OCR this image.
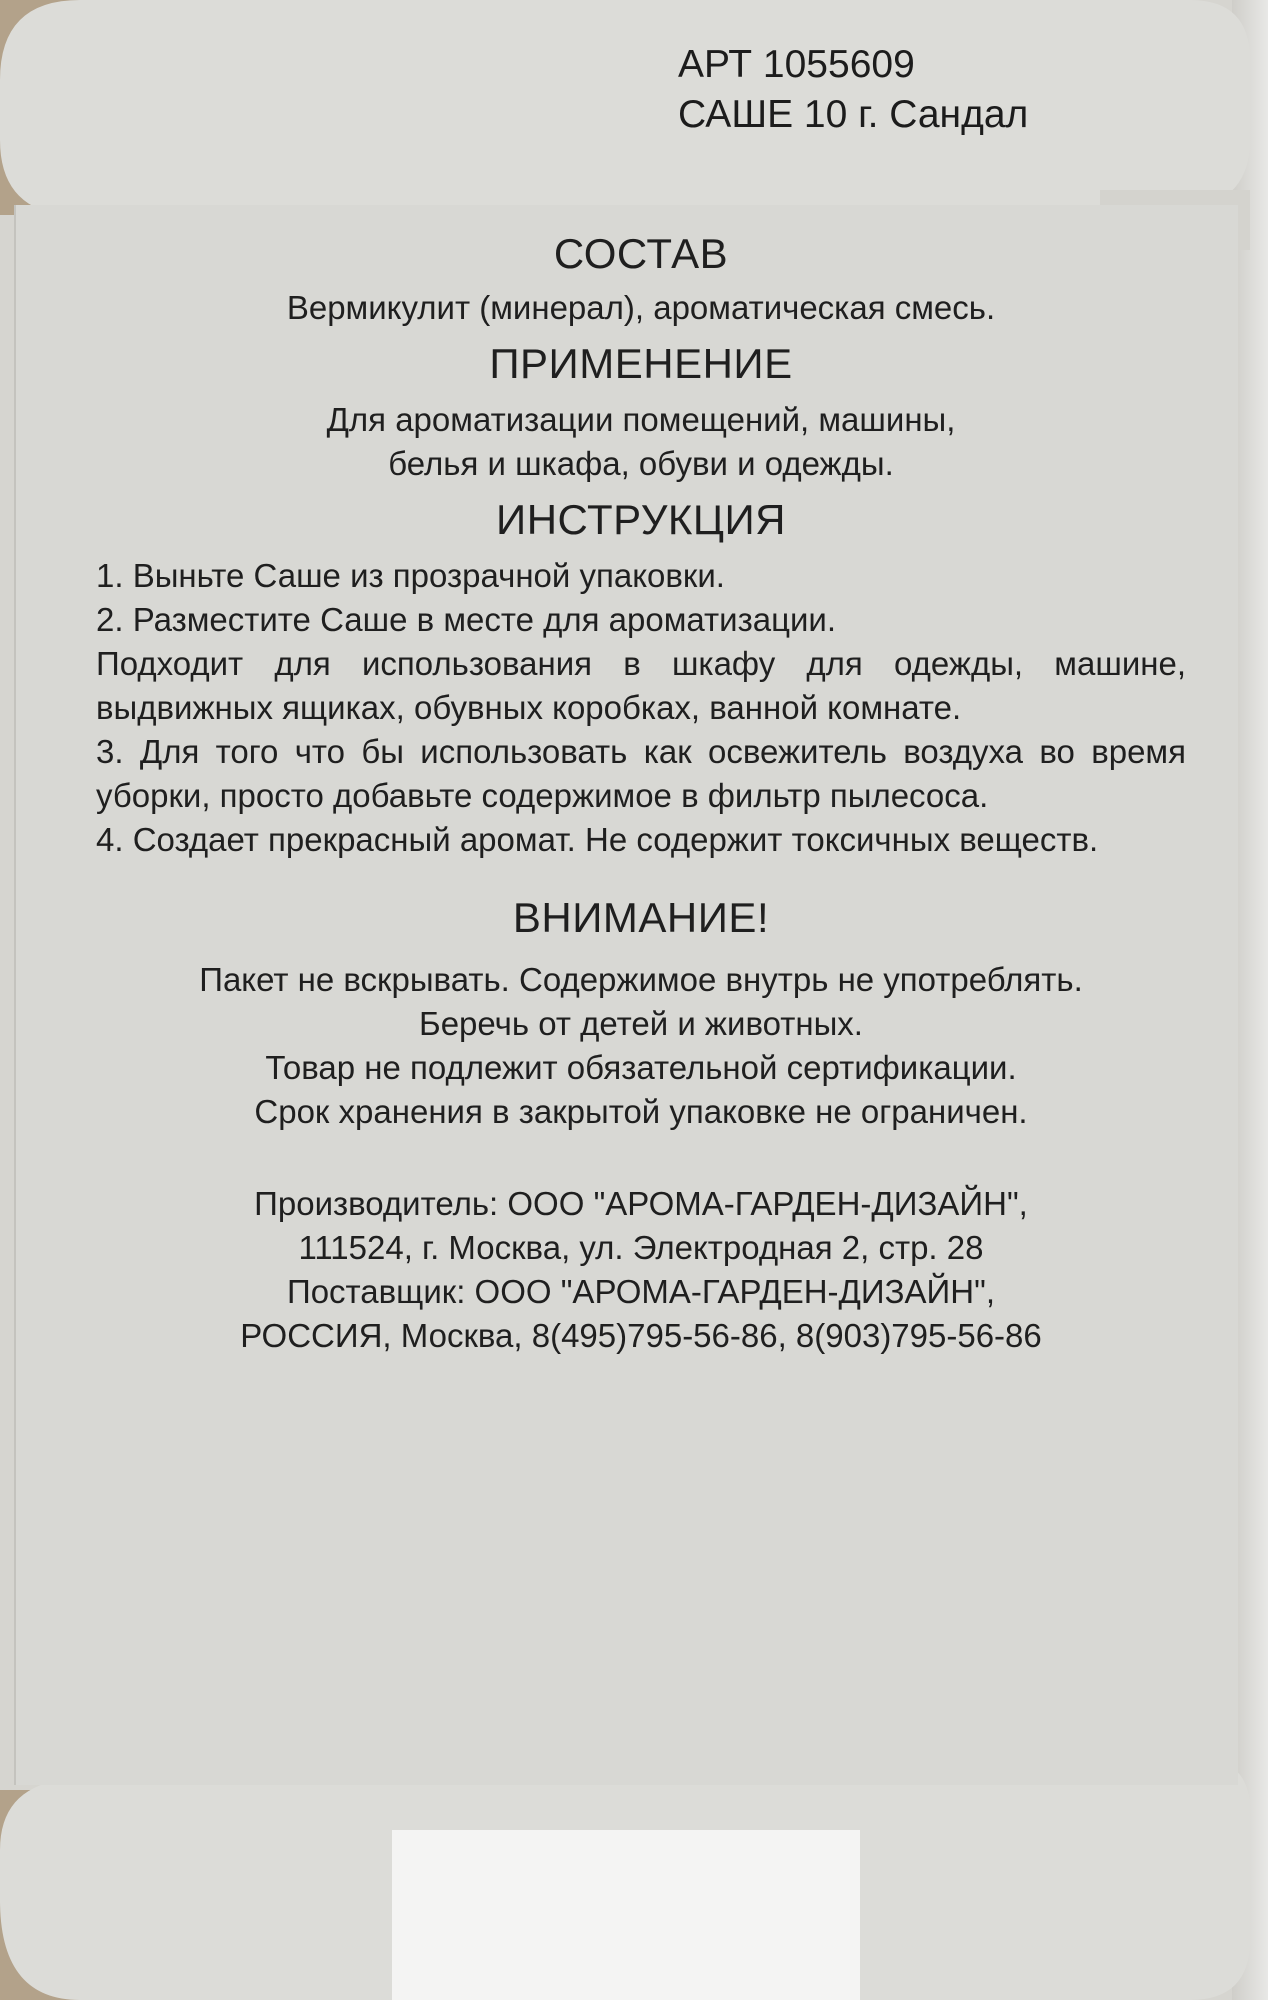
АРТ 1055609
САШЕ 10 г. Сандал
СОСТАВ
Вермикулит (минерал), ароматическая смесь.
ПРИМЕНЕНИЕ
Для ароматизации помещений, машины,
белья и шкафа, обуви и одежды.
ИНСТРУКЦИЯ
1. Выньте Саше из прозрачной упаковки.
2. Разместите Саше в месте для ароматизации.
Подходит для использования в шкафу для одежды, машине, выдвижных ящиках, обувных коробках, ванной комнате.
3. Для того что бы использовать как освежитель воздуха во время уборки, просто добавьте содержимое в фильтр пылесоса.
4. Создает прекрасный аромат. Не содержит токсичных веществ.
ВНИМАНИЕ!
Пакет не вскрывать. Содержимое внутрь не употреблять.
Беречь от детей и животных.
Товар не подлежит обязательной сертификации.
Срок хранения в закрытой упаковке не ограничен.
Производитель: ООО "АРОМА-ГАРДЕН-ДИЗАЙН",
111524, г. Москва, ул. Электродная 2, стр. 28
Поставщик: ООО "АРОМА-ГАРДЕН-ДИЗАЙН",
РОССИЯ, Москва, 8(495)795-56-86, 8(903)795-56-86
